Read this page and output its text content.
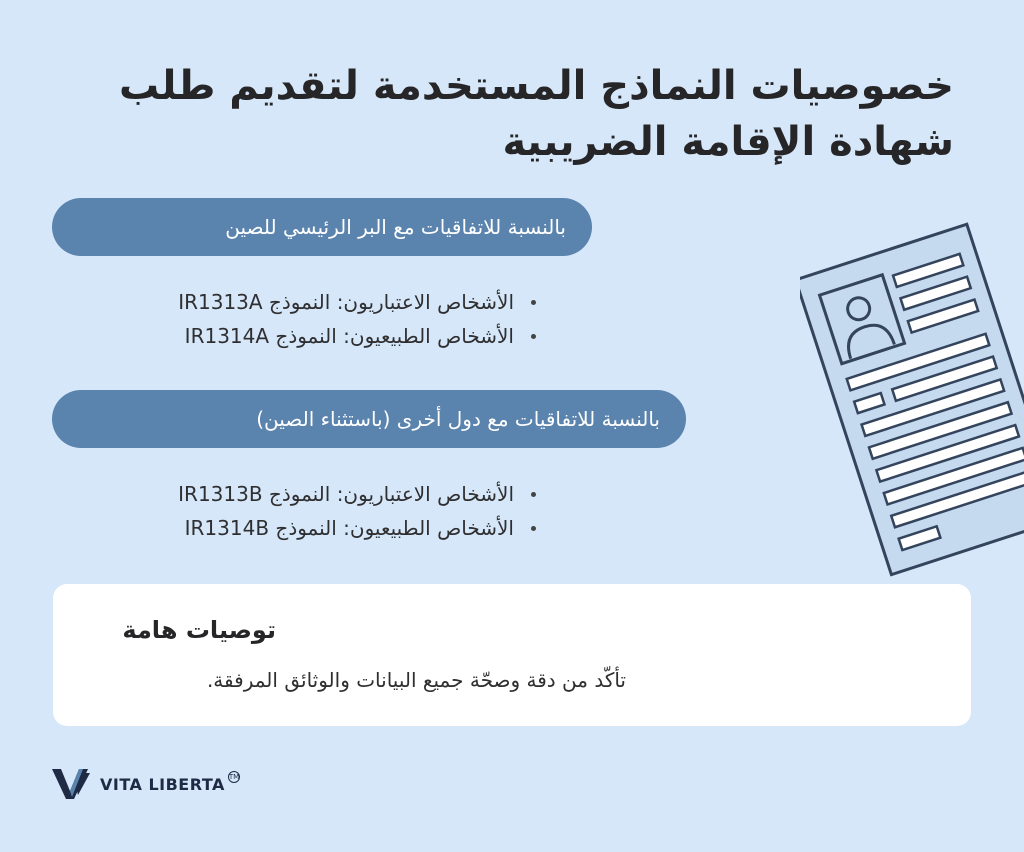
خصوصيات النماذج المستخدمة لتقديم طلب شهادة الإقامة الضريبية
بالنسبة للاتفاقيات مع البر الرئيسي للصين
الأشخاص الاعتباريون: النموذج IR1313A
الأشخاص الطبيعيون: النموذج IR1314A
بالنسبة للاتفاقيات مع دول أخرى (باستثناء الصين)
الأشخاص الاعتباريون: النموذج IR1313B
الأشخاص الطبيعيون: النموذج IR1314B
توصيات هامة
تأكّد من دقة وصحّة جميع البيانات والوثائق المرفقة.
VITA LIBERTA TM
